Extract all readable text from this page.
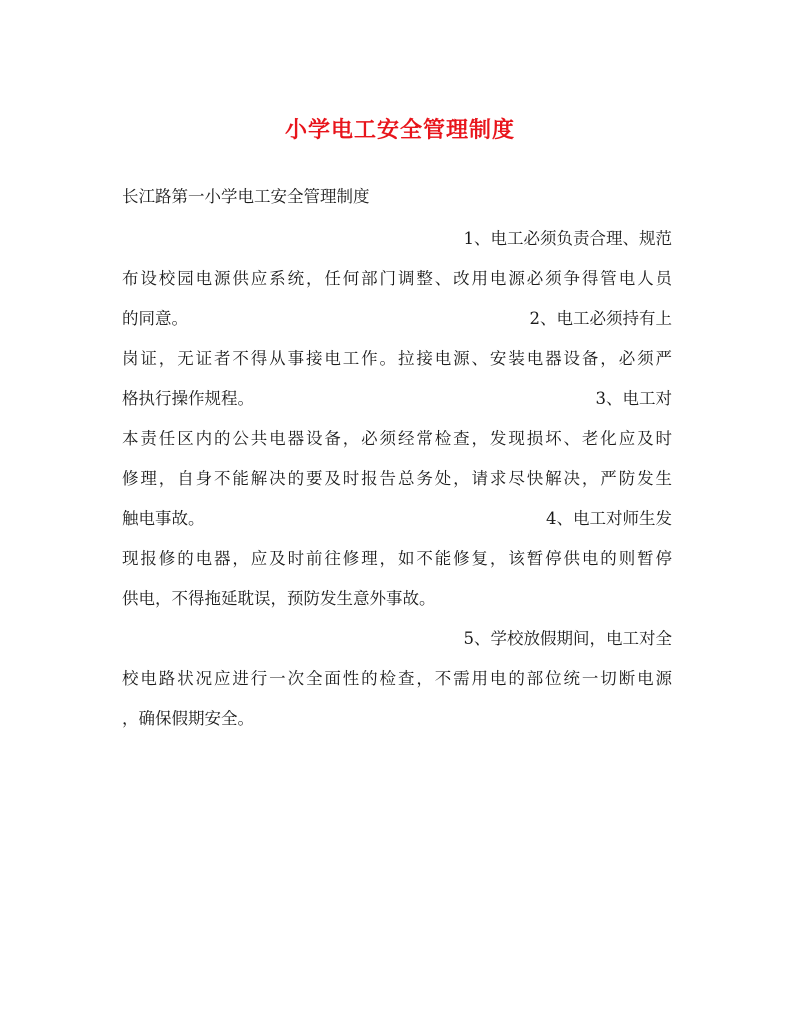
小学电工安全管理制度
长江路第一小学电工安全管理制度
1、电工必须负责合理、规范
布设校园电源供应系统，任何部门调整、改用电源必须争得管电人员
的同意。	2、电工必须持有上
岗证，无证者不得从事接电工作。拉接电源、安装电器设备，必须严
格执行操作规程。	3、电工对
本责任区内的公共电器设备，必须经常检查，发现损坏、老化应及时
修理，自身不能解决的要及时报告总务处，请求尽快解决，严防发生
触电事故。	4、电工对师生发
现报修的电器，应及时前往修理，如不能修复，该暂停供电的则暂停
供电，不得拖延耽误，预防发生意外事故。
5、学校放假期间，电工对全
校电路状况应进行一次全面性的检查，不需用电的部位统一切断电源
，确保假期安全。
